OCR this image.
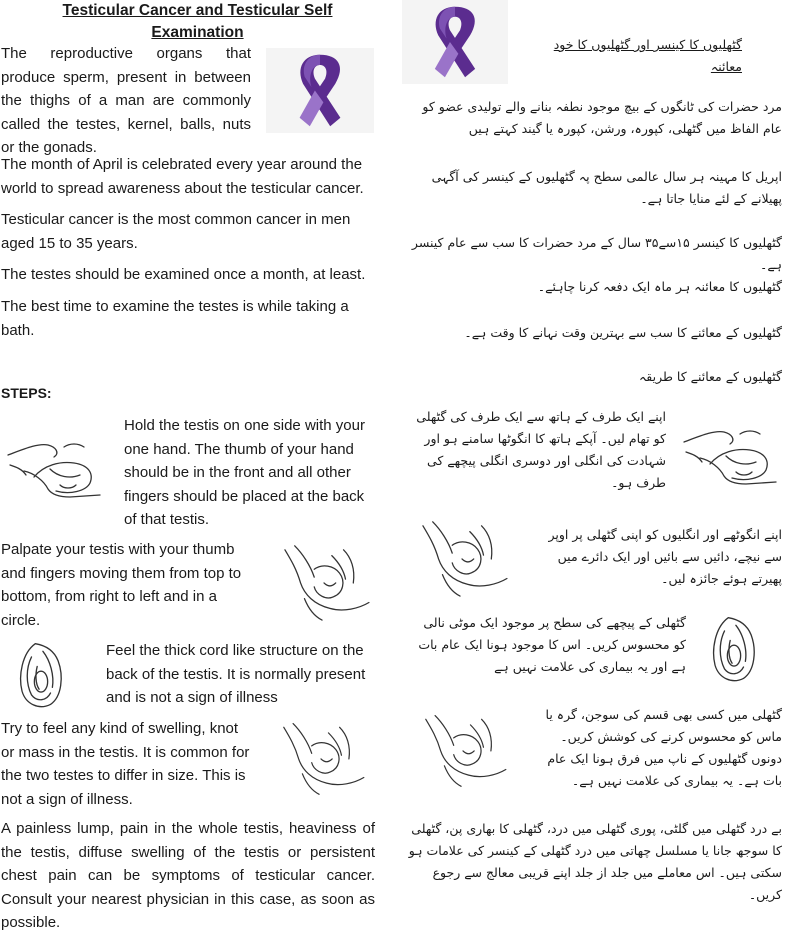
Testicular Cancer and Testicular Self
Examination
The reproductive organs that produce sperm, present in between the thighs of a man are commonly called the testes, kernel, balls, nuts or the gonads.
The month of April is celebrated every year around the world to spread awareness about the testicular cancer.
Testicular cancer is the most common cancer in men aged 15 to 35 years.
The testes should be examined once a month, at least.
The best time to examine the testes is while taking a bath.
STEPS:
Hold the testis on one side with your one hand. The thumb of your hand should be in the front and all other fingers should be placed at the back of that testis.
Palpate your testis with your thumb and fingers moving them from top to bottom, from right to left and in a circle.
Feel the thick cord like structure on the back of the testis. It is normally present and is not a sign of illness
Try to feel any kind of swelling, knot or mass in the testis. It is common for the two testes to differ in size. This is not a sign of illness.
A painless lump, pain in the whole testis, heaviness of the testis, diffuse swelling of the testis or persistent chest pain can be symptoms of testicular cancer. Consult your nearest physician in this case, as soon as possible.
گٹھلیوں کا کینسر اور گٹھلیوں کا خود معائنہ
مرد حضرات کی ٹانگوں کے بیچ موجود نطفہ بنانے والے تولیدی عضو کو عام الفاظ میں گٹھلی، کپورہ، ورشن، کپورہ یا گیند کہتے ہیں
اپریل کا مہینہ ہر سال عالمی سطح پہ گٹھلیوں کے کینسر کی آگہی پھیلانے کے لئے منایا جاتا ہے۔
گٹھلیوں کا کینسر ۱۵سے۳۵ سال کے مرد حضرات کا سب سے عام کینسر ہے۔
گٹھلیوں کا معائنہ ہر ماہ ایک دفعہ کرنا چاہئے۔
گٹھلیوں کے معائنے کا سب سے بہترین وقت نہانے کا وقت ہے۔
گٹھلیوں کے معائنے کا طریقہ
اپنے ایک طرف کے ہاتھ سے ایک طرف کی گٹھلی کو تھام لیں۔ آپکے ہاتھ کا انگوٹھا سامنے ہو اور شہادت کی انگلی اور دوسری انگلی پیچھے کی طرف ہو۔
اپنے انگوٹھے اور انگلیوں کو اپنی گٹھلی پر اوپر سے نیچے، دائیں سے بائیں اور ایک دائرے میں پھیرتے ہوئے جائزہ لیں۔
گٹھلی کے پیچھے کی سطح پر موجود ایک موٹی نالی کو محسوس کریں۔ اس کا موجود ہونا ایک عام بات ہے اور یہ بیماری کی علامت نہیں ہے
گٹھلی میں کسی بھی قسم کی سوجن، گرہ یا ماس کو محسوس کرنے کی کوشش کریں۔ دونوں گٹھلیوں کے ناپ میں فرق ہونا ایک عام بات ہے۔ یہ بیماری کی علامت نہیں ہے۔
بے درد گٹھلی میں گلٹی، پوری گٹھلی میں درد، گٹھلی کا بھاری پن، گٹھلی کا سوجھ جانا یا مسلسل چھاتی میں درد گٹھلی کے کینسر کی علامات ہو سکتی ہیں۔ اس معاملے میں جلد از جلد اپنے قریبی معالج سے رجوع کریں۔
